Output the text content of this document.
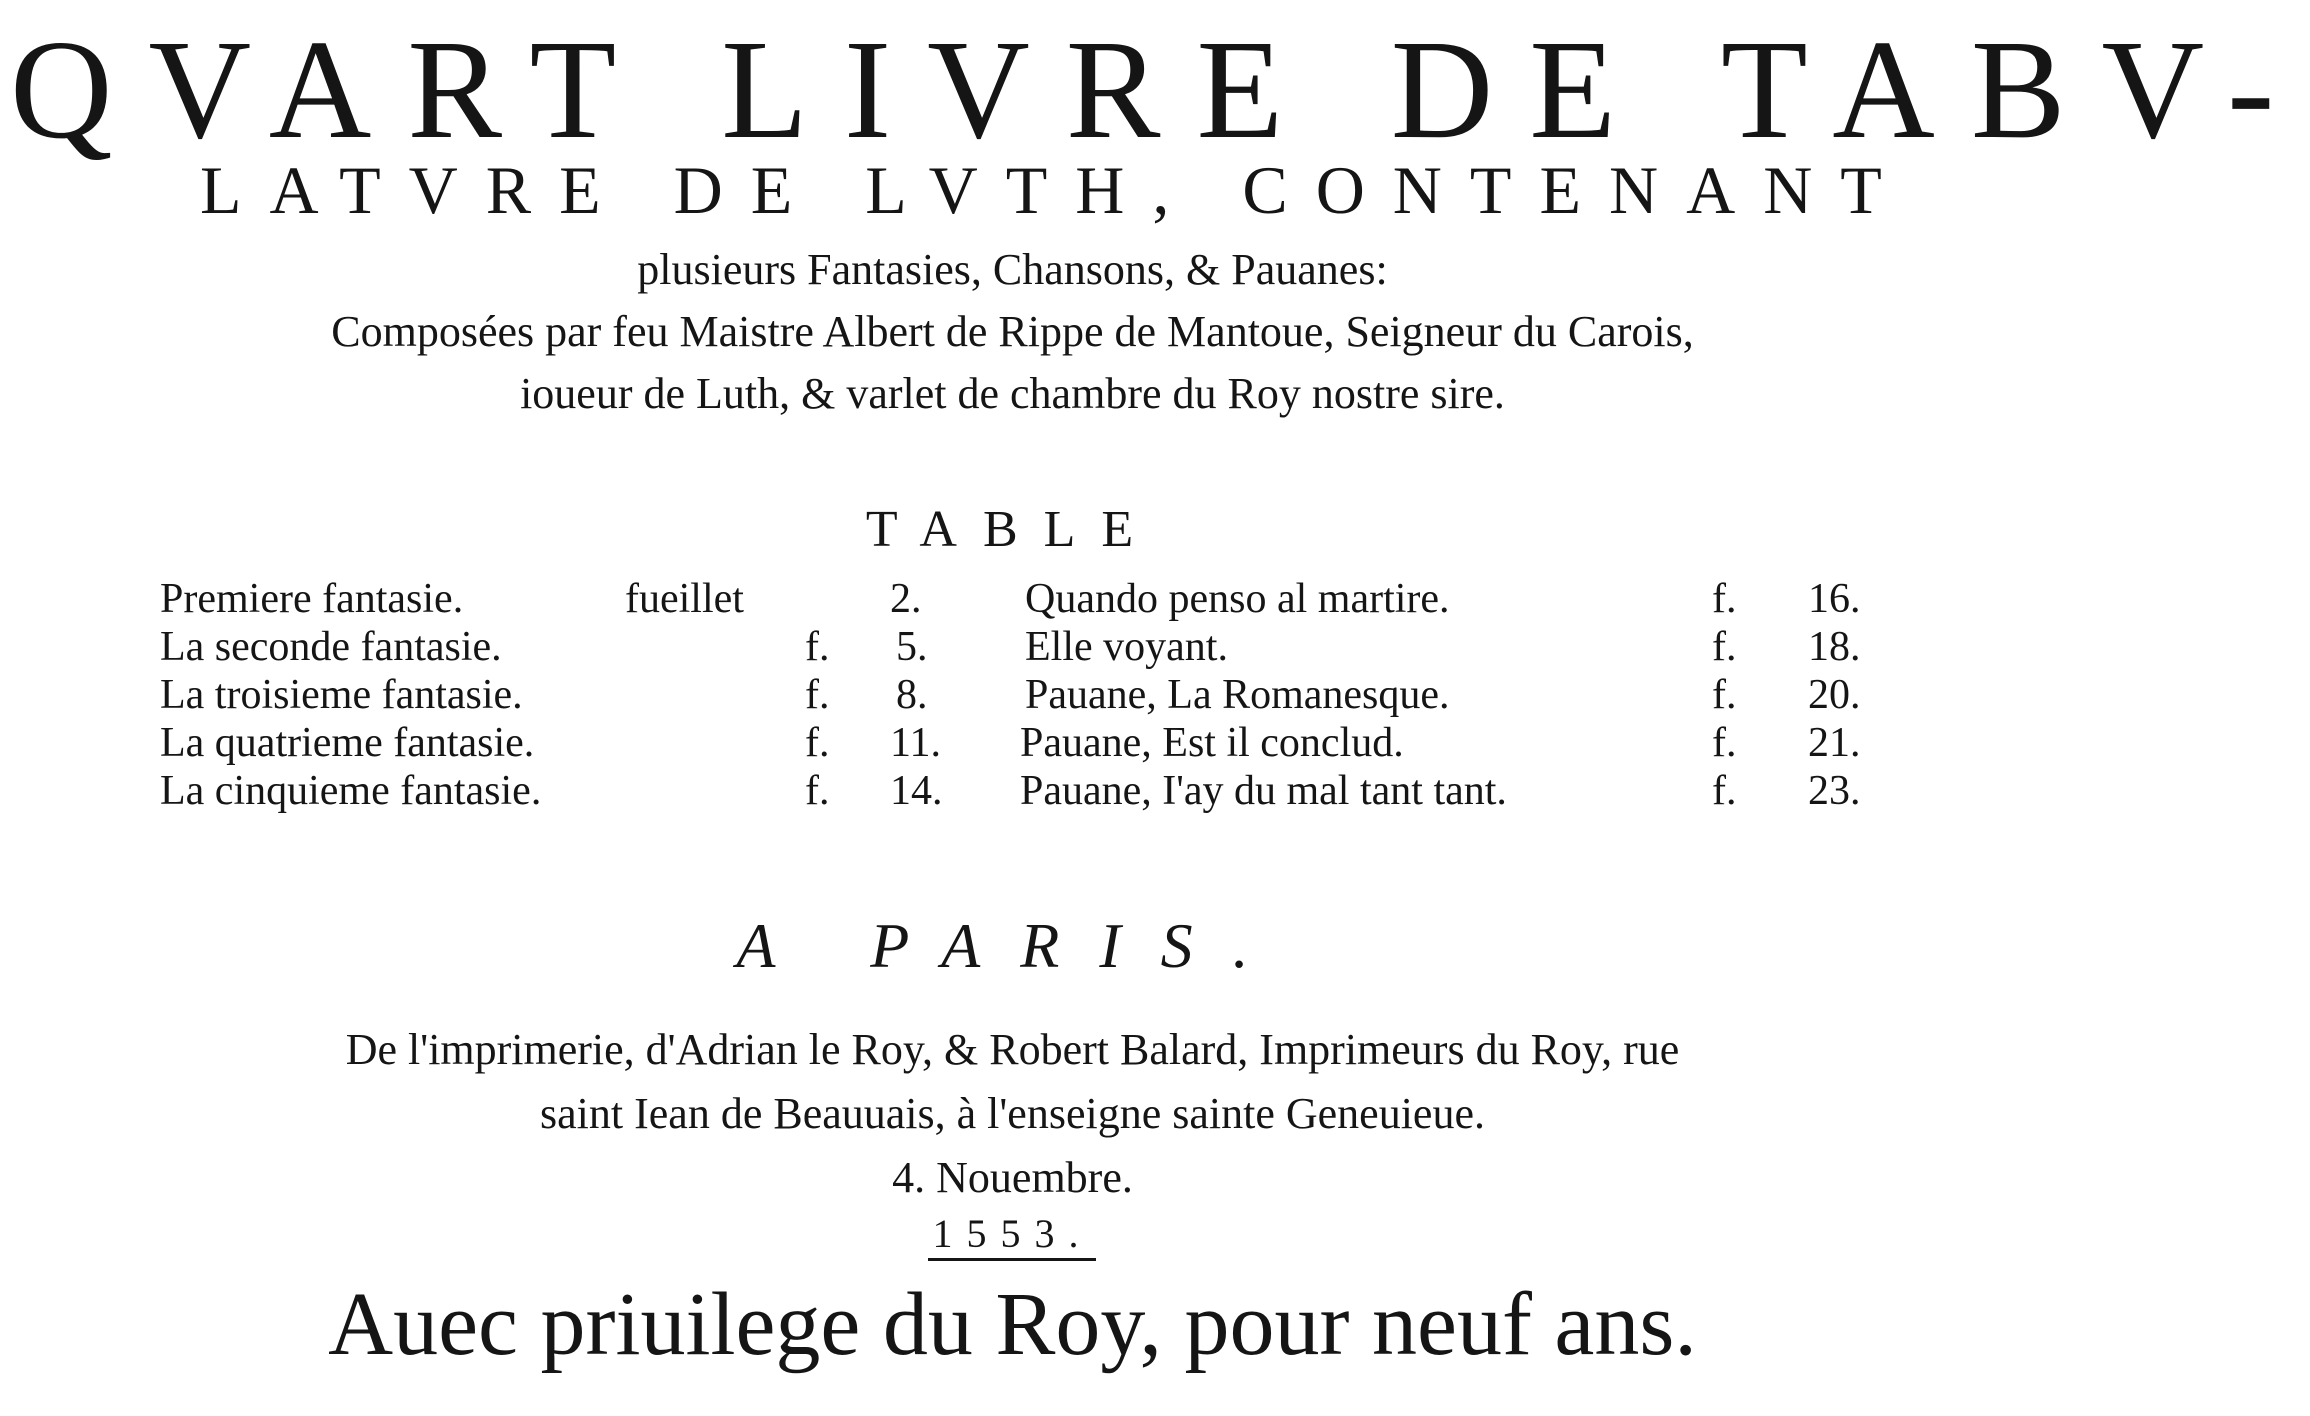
QVART LIVRE DE TABV-
LATVRE DE LVTH, CONTENANT
plusieurs Fantasies, Chansons, & Pauanes:
Composées par feu Maistre Albert de Rippe de Mantoue, Seigneur du Carois,
ioueur de Luth, & varlet de chambre du Roy nostre sire.
TABLE
Premiere fantasie.	fueillet	2. Quando penso al martire.	f. 16.
La seconde fantasie.	f. 5. Elle voyant.	f. 18.
La troisieme fantasie.	f. 8. Pauane, La Romanesque.	f. 20.
La quatrieme fantasie.	f. 11. Pauane, Est il conclud.	f. 21.
La cinquieme fantasie.	f. 14. Pauane, I'ay du mal tant tant.	f. 23.
A PARIS.
De l'imprimerie, d'Adrian le Roy, & Robert Balard, Imprimeurs du Roy, rue
saint Iean de Beauuais, à l'enseigne sainte Geneuieue.
4. Nouembre.
1553.
Auec priuilege du Roy, pour neuf ans.
